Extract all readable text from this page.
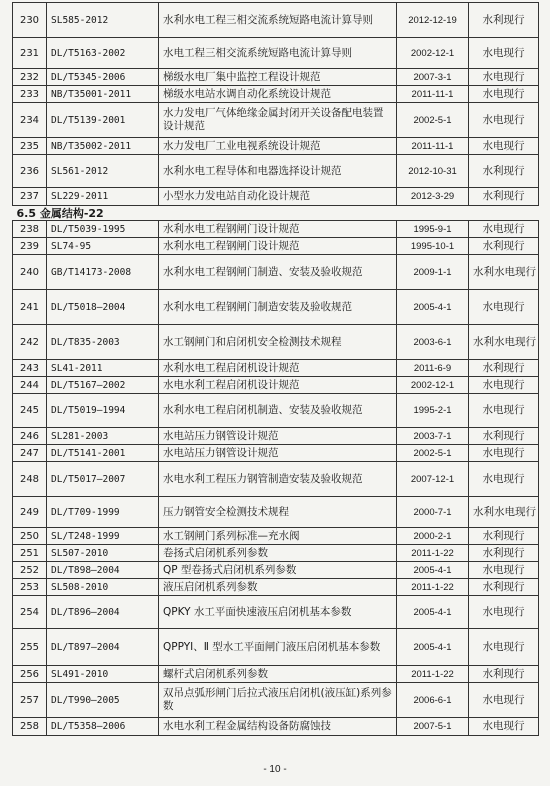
230	SL585-2012	水利水电工程三相交流系统短路电流计算导则	2012-12-19	水利现行
231	DL/T5163-2002	水电工程三相交流系统短路电流计算导则	2002-12-1	水电现行
232	DL/T5345-2006	梯级水电厂集中监控工程设计规范	2007-3-1	水电现行
233	NB/T35001-2011	梯级水电站水调自动化系统设计规范	2011-11-1	水电现行
234	DL/T5139-2001	水力发电厂气体绝缘金属封闭开关设备配电装置设计规范	2002-5-1	水电现行
235	NB/T35002-2011	水力发电厂工业电视系统设计规范	2011-11-1	水电现行
236	SL561-2012	水利水电工程导体和电器选择设计规范	2012-10-31	水利现行
237	SL229-2011	小型水力发电站自动化设计规范	2012-3-29	水利现行
6.5 金属结构-22				
238	DL/T5039-1995	水利水电工程钢闸门设计规范	1995-9-1	水电现行
239	SL74-95	水利水电工程钢闸门设计规范	1995-10-1	水利现行
240	GB/T14173-2008	水利水电工程钢闸门制造、安装及验收规范	2009-1-1	水利水电现行
241	DL/T5018—2004	水利水电工程钢闸门制造安装及验收规范	2005-4-1	水电现行
242	DL/T835-2003	水工钢闸门和启闭机安全检测技术规程	2003-6-1	水利水电现行
243	SL41-2011	水利水电工程启闭机设计规范	2011-6-9	水利现行
244	DL/T5167—2002	水电水利工程启闭机设计规范	2002-12-1	水电现行
245	DL/T5019—1994	水利水电工程启闭机制造、安装及验收规范	1995-2-1	水电现行
246	SL281-2003	水电站压力钢管设计规范	2003-7-1	水利现行
247	DL/T5141-2001	水电站压力钢管设计规范	2002-5-1	水电现行
248	DL/T5017—2007	水电水利工程压力钢管制造安装及验收规范	2007-12-1	水电现行
249	DL/T709-1999	压力钢管安全检测技术规程	2000-7-1	水利水电现行
250	SL/T248-1999	水工钢闸门系列标准—充水阀	2000-2-1	水利现行
251	SL507-2010	卷扬式启闭机系列参数	2011-1-22	水利现行
252	DL/T898—2004	QP 型卷扬式启闭机系列参数	2005-4-1	水电现行
253	SL508-2010	液压启闭机系列参数	2011-1-22	水利现行
254	DL/T896—2004	QPKY 水工平面快速液压启闭机基本参数	2005-4-1	水电现行
255	DL/T897—2004	QPPYⅠ、Ⅱ 型水工平面闸门液压启闭机基本参数	2005-4-1	水电现行
256	SL491-2010	螺杆式启闭机系列参数	2011-1-22	水利现行
257	DL/T990—2005	双吊点弧形闸门后拉式液压启闭机(液压缸)系列参数	2006-6-1	水电现行
258	DL/T5358—2006	水电水利工程金属结构设备防腐蚀技	2007-5-1	水电现行
- 10 -
